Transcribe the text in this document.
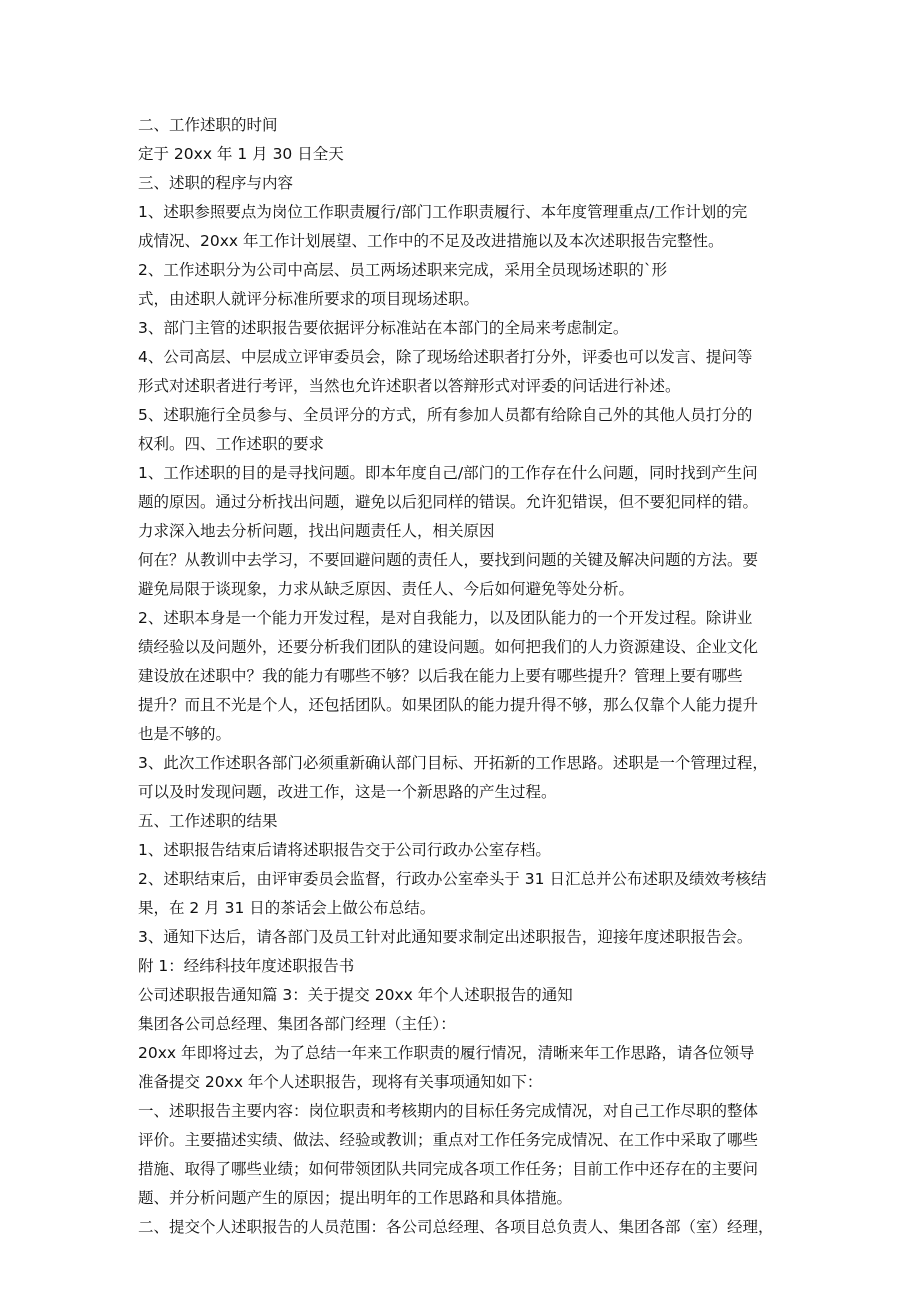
二、工作述职的时间
定于 20xx 年 1 月 30 日全天
三、述职的程序与内容
1、述职参照要点为岗位工作职责履行/部门工作职责履行、本年度管理重点/工作计划的完
成情况、20xx 年工作计划展望、工作中的不足及改进措施以及本次述职报告完整性。
2、工作述职分为公司中高层、员工两场述职来完成，采用全员现场述职的`形
式，由述职人就评分标准所要求的项目现场述职。
3、部门主管的述职报告要依据评分标准站在本部门的全局来考虑制定。
4、公司高层、中层成立评审委员会，除了现场给述职者打分外，评委也可以发言、提问等
形式对述职者进行考评，当然也允许述职者以答辩形式对评委的问话进行补述。
5、述职施行全员参与、全员评分的方式，所有参加人员都有给除自己外的其他人员打分的
权利。四、工作述职的要求
1、工作述职的目的是寻找问题。即本年度自己/部门的工作存在什么问题，同时找到产生问
题的原因。通过分析找出问题，避免以后犯同样的错误。允许犯错误，但不要犯同样的错。
力求深入地去分析问题，找出问题责任人，相关原因
何在？从教训中去学习，不要回避问题的责任人，要找到问题的关键及解决问题的方法。要
避免局限于谈现象，力求从缺乏原因、责任人、今后如何避免等处分析。
2、述职本身是一个能力开发过程，是对自我能力，以及团队能力的一个开发过程。除讲业
绩经验以及问题外，还要分析我们团队的建设问题。如何把我们的人力资源建设、企业文化
建设放在述职中？我的能力有哪些不够？以后我在能力上要有哪些提升？管理上要有哪些
提升？而且不光是个人，还包括团队。如果团队的能力提升得不够，那么仅靠个人能力提升
也是不够的。
3、此次工作述职各部门必须重新确认部门目标、开拓新的工作思路。述职是一个管理过程，
可以及时发现问题，改进工作，这是一个新思路的产生过程。
五、工作述职的结果
1、述职报告结束后请将述职报告交于公司行政办公室存档。
2、述职结束后，由评审委员会监督，行政办公室牵头于 31 日汇总并公布述职及绩效考核结
果，在 2 月 31 日的茶话会上做公布总结。
3、通知下达后，请各部门及员工针对此通知要求制定出述职报告，迎接年度述职报告会。
附 1：经纬科技年度述职报告书
公司述职报告通知篇 3：关于提交 20xx 年个人述职报告的通知
集团各公司总经理、集团各部门经理（主任）：
20xx 年即将过去，为了总结一年来工作职责的履行情况，清晰来年工作思路，请各位领导
准备提交 20xx 年个人述职报告，现将有关事项通知如下：
一、述职报告主要内容：岗位职责和考核期内的目标任务完成情况，对自己工作尽职的整体
评价。主要描述实绩、做法、经验或教训；重点对工作任务完成情况、在工作中采取了哪些
措施、取得了哪些业绩；如何带领团队共同完成各项工作任务；目前工作中还存在的主要问
题、并分析问题产生的原因；提出明年的工作思路和具体措施。
二、提交个人述职报告的人员范围：各公司总经理、各项目总负责人、集团各部（室）经理，
